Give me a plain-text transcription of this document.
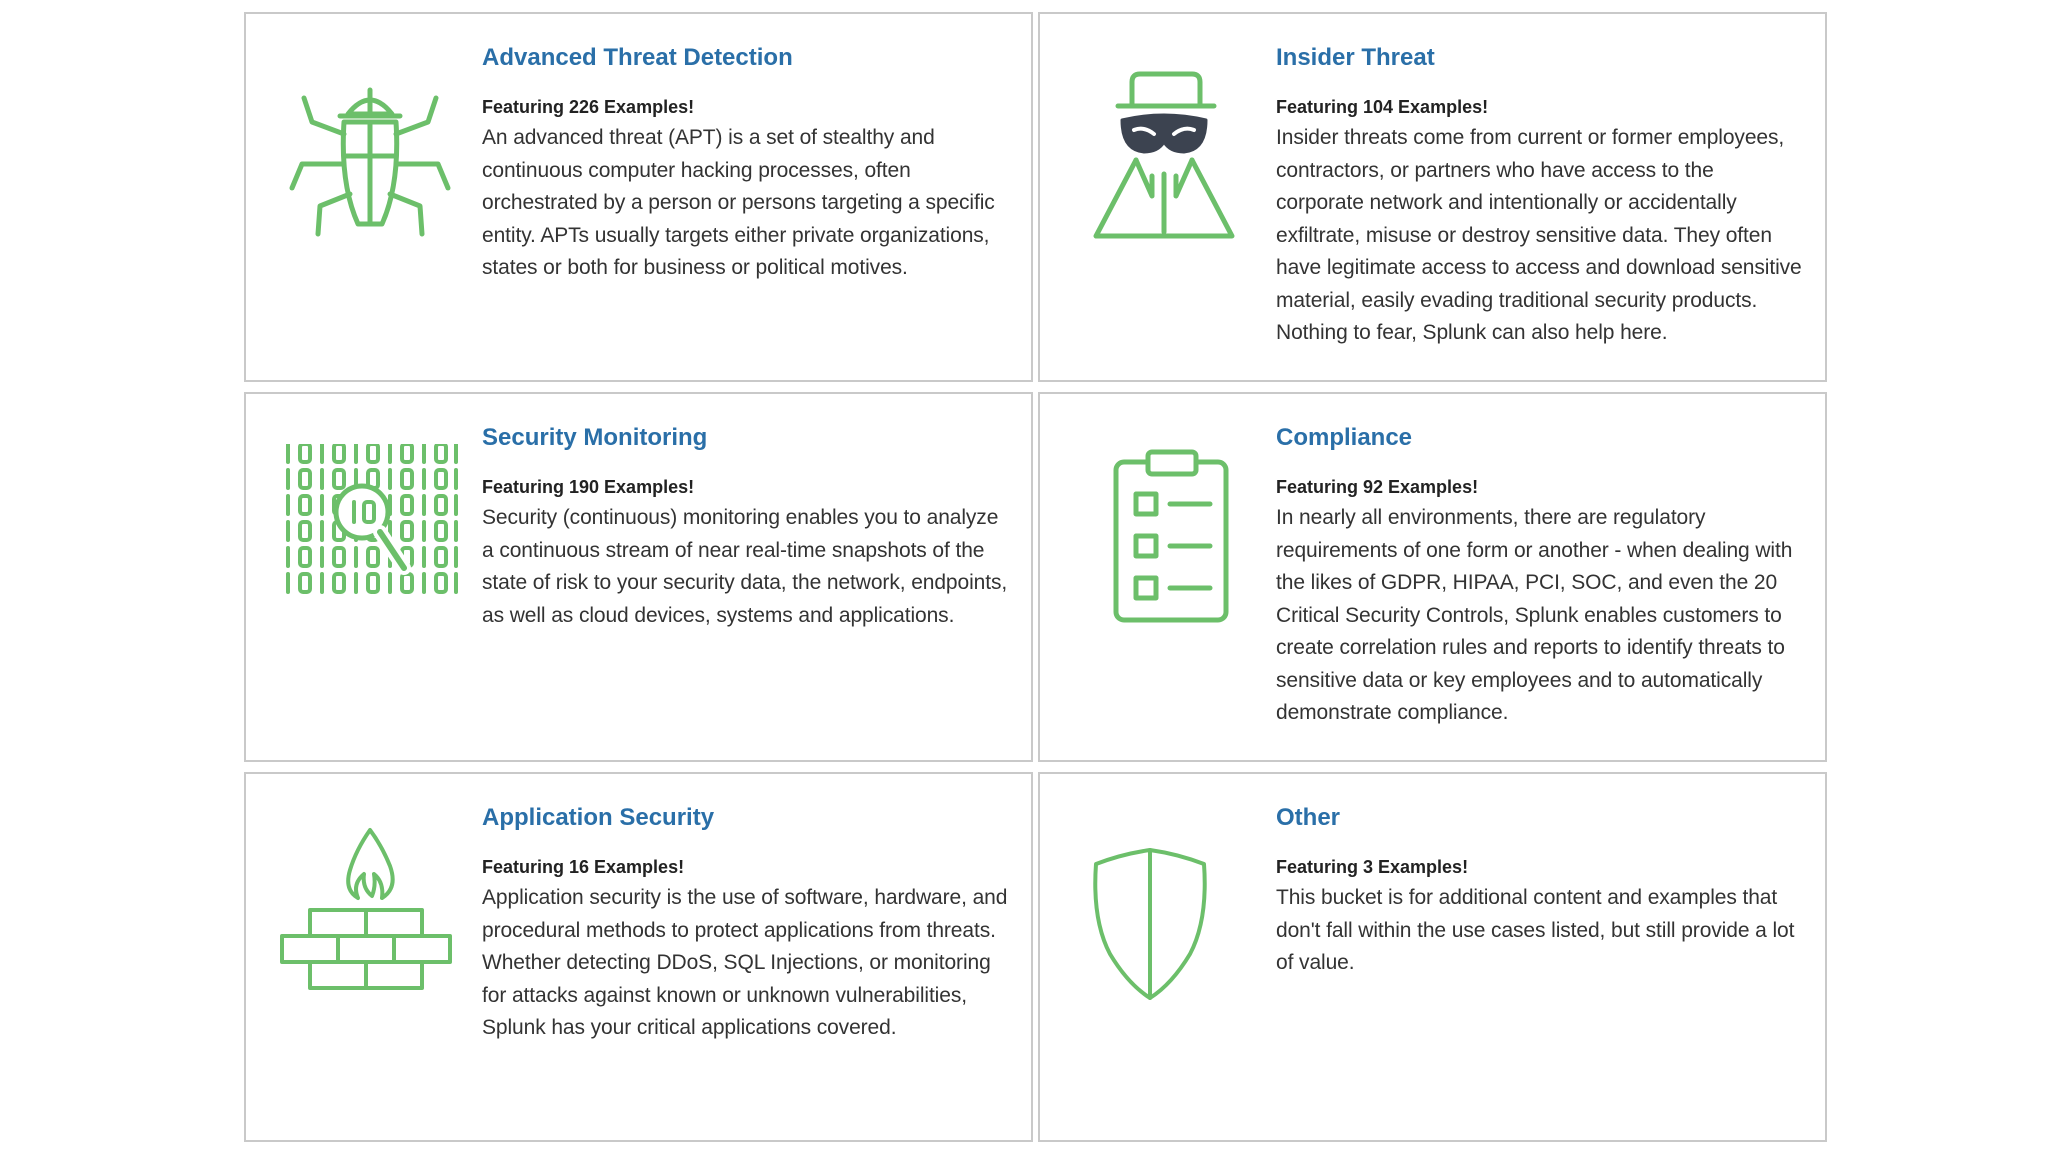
Advanced Threat Detection
Featuring 226 Examples!
An advanced threat (APT) is a set of stealthy and continuous computer hacking processes, often orchestrated by a person or persons targeting a specific entity. APTs usually targets either private organizations, states or both for business or political motives.
Insider Threat
Featuring 104 Examples!
Insider threats come from current or former employees, contractors, or partners who have access to the corporate network and intentionally or accidentally exfiltrate, misuse or destroy sensitive data. They often have legitimate access to access and download sensitive material, easily evading traditional security products. Nothing to fear, Splunk can also help here.
Security Monitoring
Featuring 190 Examples!
Security (continuous) monitoring enables you to analyze a continuous stream of near real-time snapshots of the state of risk to your security data, the network, endpoints, as well as cloud devices, systems and applications.
Compliance
Featuring 92 Examples!
In nearly all environments, there are regulatory requirements of one form or another - when dealing with the likes of GDPR, HIPAA, PCI, SOC, and even the 20 Critical Security Controls, Splunk enables customers to create correlation rules and reports to identify threats to sensitive data or key employees and to automatically demonstrate compliance.
Application Security
Featuring 16 Examples!
Application security is the use of software, hardware, and procedural methods to protect applications from threats. Whether detecting DDoS, SQL Injections, or monitoring for attacks against known or unknown vulnerabilities, Splunk has your critical applications covered.
Other
Featuring 3 Examples!
This bucket is for additional content and examples that don't fall within the use cases listed, but still provide a lot of value.
